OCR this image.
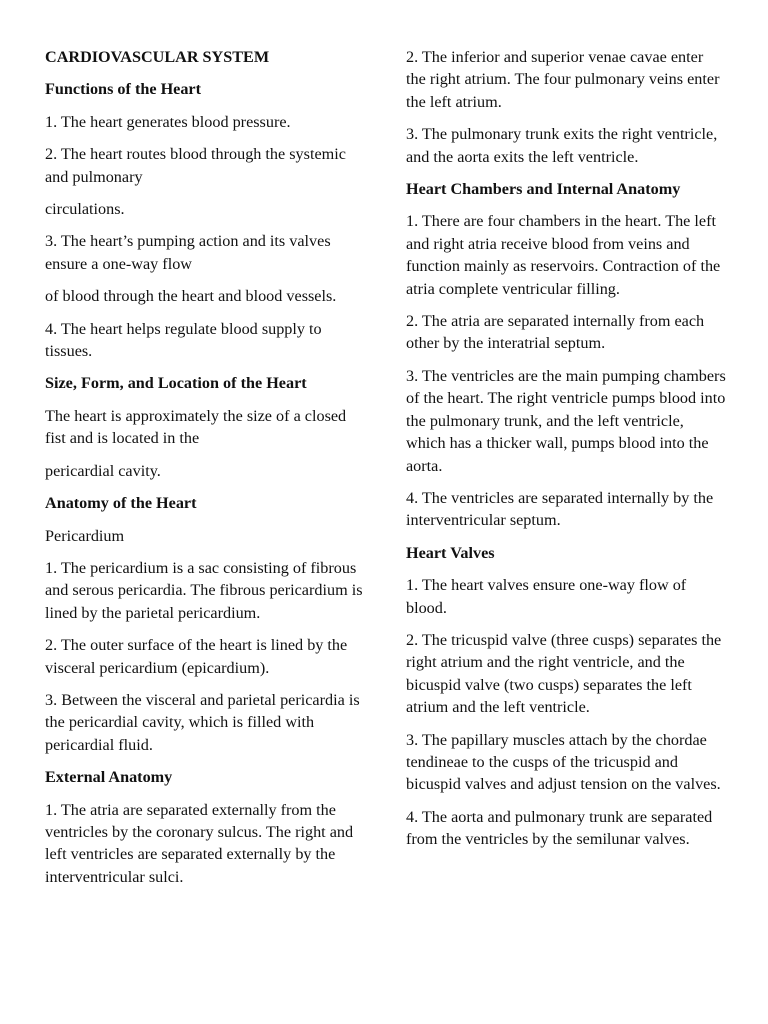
CARDIOVASCULAR SYSTEM

Functions of the Heart

1. The heart generates blood pressure.

2. The heart routes blood through the systemic and pulmonary

circulations.

3. The heart’s pumping action and its valves ensure a one-way flow

of blood through the heart and blood vessels.

4. The heart helps regulate blood supply to tissues.

Size, Form, and Location of the Heart

The heart is approximately the size of a closed fist and is located in the

pericardial cavity.

Anatomy of the Heart

Pericardium

1. The pericardium is a sac consisting of fibrous and serous pericardia. The fibrous pericardium is lined by the parietal pericardium.

2. The outer surface of the heart is lined by the visceral pericardium (epicardium).

3. Between the visceral and parietal pericardia is the pericardial cavity, which is filled with pericardial fluid.

External Anatomy

1. The atria are separated externally from the ventricles by the coronary sulcus. The right and left ventricles are separated externally by the interventricular sulci.

2. The inferior and superior venae cavae enter the right atrium. The four pulmonary veins enter the left atrium.

3. The pulmonary trunk exits the right ventricle, and the aorta exits the left ventricle.

Heart Chambers and Internal Anatomy

1. There are four chambers in the heart. The left and right atria receive blood from veins and function mainly as reservoirs. Contraction of the atria complete ventricular filling.

2. The atria are separated internally from each other by the interatrial septum.

3. The ventricles are the main pumping chambers of the heart. The right ventricle pumps blood into the pulmonary trunk, and the left ventricle, which has a thicker wall, pumps blood into the aorta.

4. The ventricles are separated internally by the interventricular septum.

Heart Valves

1. The heart valves ensure one-way flow of blood.

2. The tricuspid valve (three cusps) separates the right atrium and the right ventricle, and the bicuspid valve (two cusps) separates the left atrium and the left ventricle.

3. The papillary muscles attach by the chordae tendineae to the cusps of the tricuspid and bicuspid valves and adjust tension on the valves.

4. The aorta and pulmonary trunk are separated from the ventricles by the semilunar valves.
